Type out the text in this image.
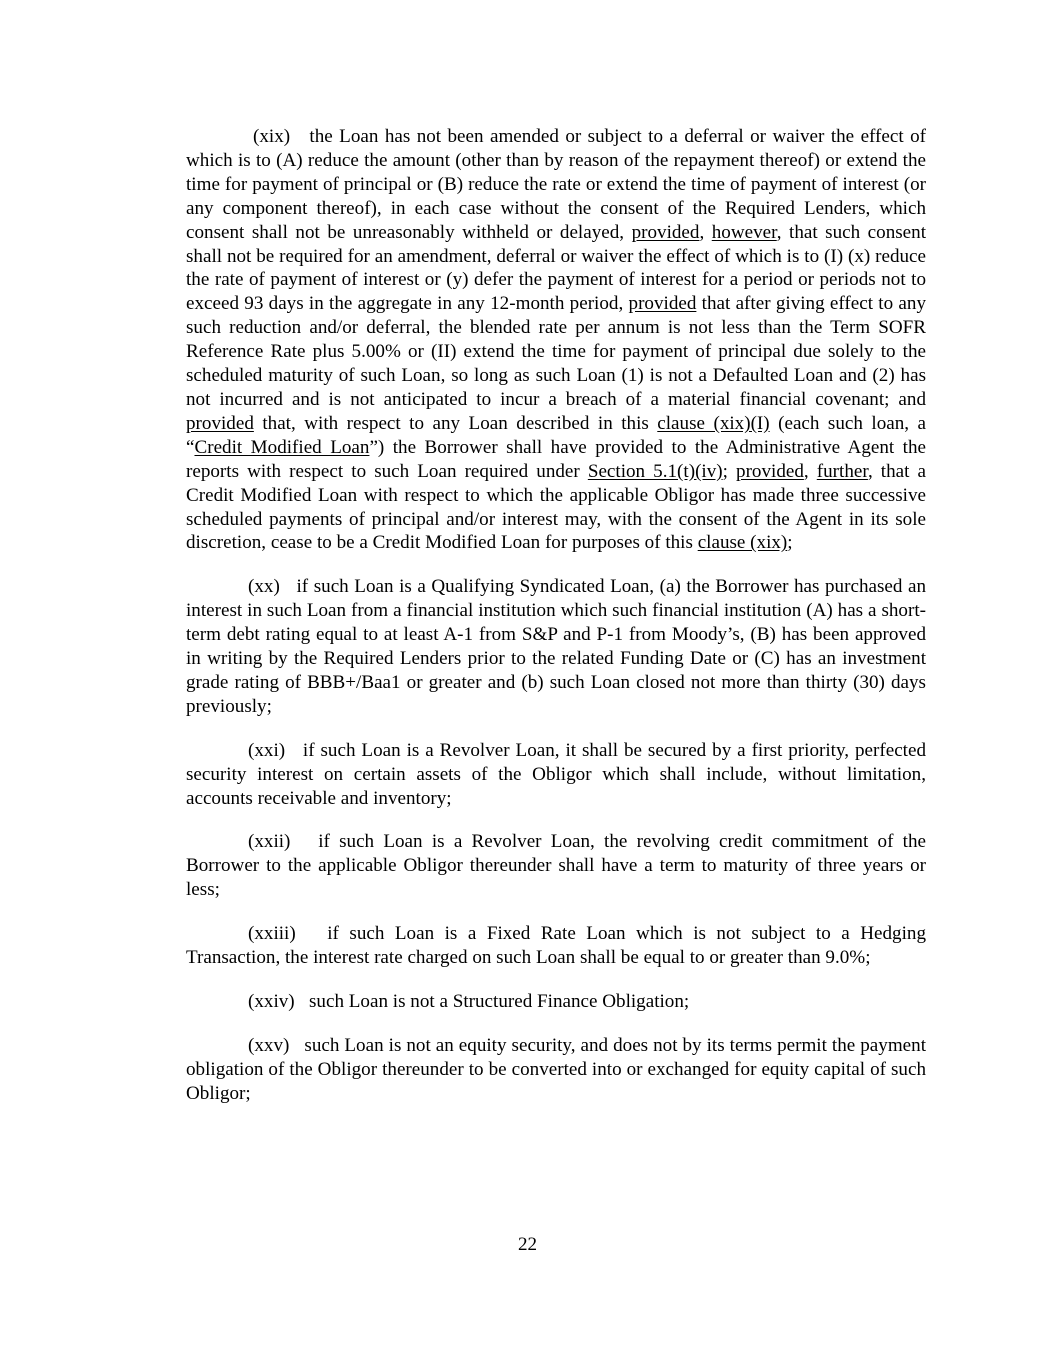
(xix) the Loan has not been amended or subject to a deferral or waiver the effect of which is to (A) reduce the amount (other than by reason of the repayment thereof) or extend the time for payment of principal or (B) reduce the rate or extend the time of payment of interest (or any component thereof), in each case without the consent of the Required Lenders, which consent shall not be unreasonably withheld or delayed, provided, however, that such consent shall not be required for an amendment, deferral or waiver the effect of which is to (I) (x) reduce the rate of payment of interest or (y) defer the payment of interest for a period or periods not to exceed 93 days in the aggregate in any 12-month period, provided that after giving effect to any such reduction and/or deferral, the blended rate per annum is not less than the Term SOFR Reference Rate plus 5.00% or (II) extend the time for payment of principal due solely to the scheduled maturity of such Loan, so long as such Loan (1) is not a Defaulted Loan and (2) has not incurred and is not anticipated to incur a breach of a material financial covenant; and provided that, with respect to any Loan described in this clause (xix)(I) (each such loan, a “Credit Modified Loan”) the Borrower shall have provided to the Administrative Agent the reports with respect to such Loan required under Section 5.1(t)(iv); provided, further, that a Credit Modified Loan with respect to which the applicable Obligor has made three successive scheduled payments of principal and/or interest may, with the consent of the Agent in its sole discretion, cease to be a Credit Modified Loan for purposes of this clause (xix);

(xx) if such Loan is a Qualifying Syndicated Loan, (a) the Borrower has purchased an interest in such Loan from a financial institution which such financial institution (A) has a short-term debt rating equal to at least A-1 from S&P and P-1 from Moody’s, (B) has been approved in writing by the Required Lenders prior to the related Funding Date or (C) has an investment grade rating of BBB+/Baa1 or greater and (b) such Loan closed not more than thirty (30) days previously;

(xxi) if such Loan is a Revolver Loan, it shall be secured by a first priority, perfected security interest on certain assets of the Obligor which shall include, without limitation, accounts receivable and inventory;

(xxii) if such Loan is a Revolver Loan, the revolving credit commitment of the Borrower to the applicable Obligor thereunder shall have a term to maturity of three years or less;

(xxiii) if such Loan is a Fixed Rate Loan which is not subject to a Hedging Transaction, the interest rate charged on such Loan shall be equal to or greater than 9.0%;

(xxiv) such Loan is not a Structured Finance Obligation;

(xxv) such Loan is not an equity security, and does not by its terms permit the payment obligation of the Obligor thereunder to be converted into or exchanged for equity capital of such Obligor;

22
